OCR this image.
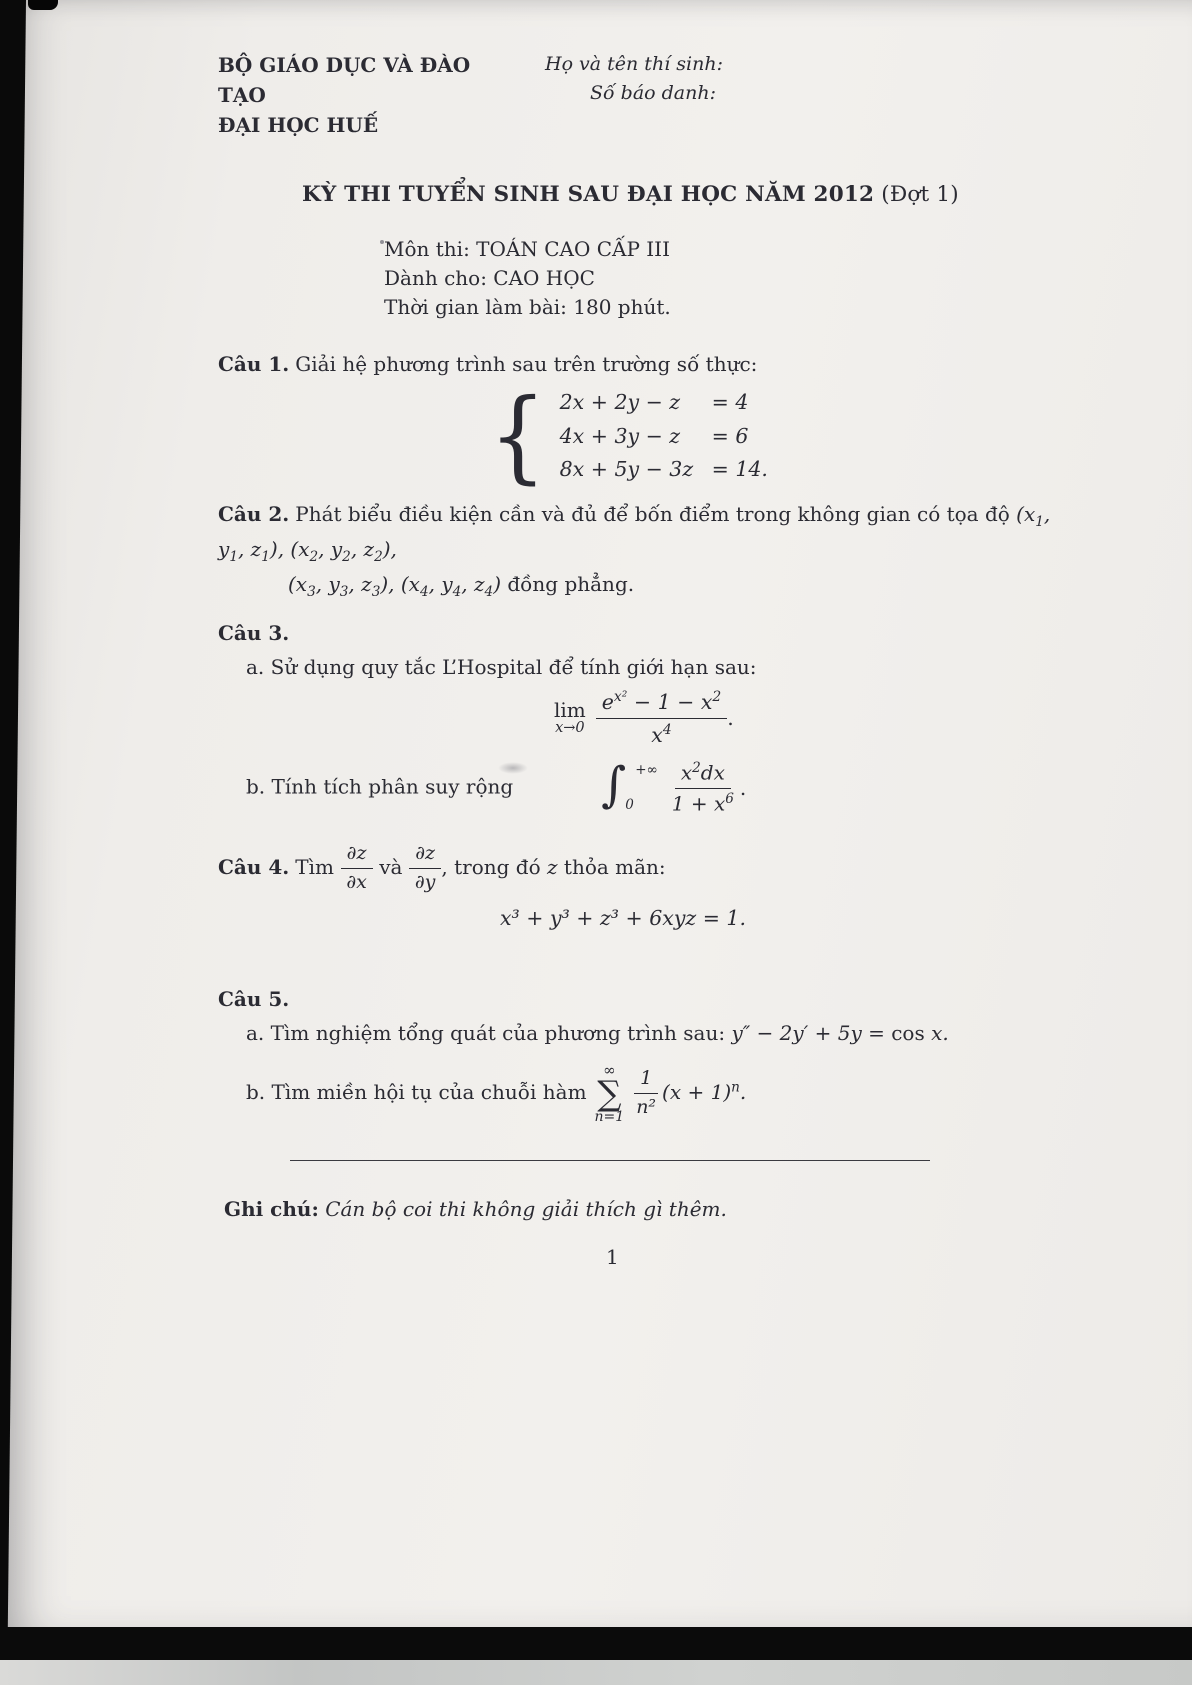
BỘ GIÁO DỤC VÀ ĐÀO TẠO
ĐẠI HỌC HUẾ
Họ và tên thí sinh:
Số báo danh:
KỲ THI TUYỂN SINH SAU ĐẠI HỌC NĂM 2012 (Đợt 1)
Môn thi: TOÁN CAO CẤP III
Dành cho: CAO HỌC
Thời gian làm bài: 180 phút.
Câu 1. Giải hệ phương trình sau trên trường số thực:
{ 2x + 2y − z	= 4
4x + 3y − z	= 6
8x + 5y − 3z = 14.
Câu 2. Phát biểu điều kiện cần và đủ để bốn điểm trong không gian có tọa độ ($x_1$, $y_1$, $z_1$), ($x_2$, $y_2$, $z_2$),
($x_3$, $y_3$, $z_3$), ($x_4$, $y_4$, $z_4$) đồng phẳng.
Câu 3.
a. Sử dụng quy tắc L’Hospital để tính giới hạn sau:
lim
$x\to 0 \frac{e^{x^2} - 1 - x^2}{x^4}$ .
b. Tính tích phân suy rộng ∫ +∞
0	$\frac{x^2dx}{1 + x^6}$ .
Câu 4. Tìm $\frac{\partial z}{\partial x}$ và $\frac{\partial z}{\partial y}$ , trong đó z thỏa mãn:
x³ + y³ + z³ + 6xyz = 1.
Câu 5.
a. Tìm nghiệm tổng quát của phương trình sau: y″ − 2y′ + 5y = cos x.
b. Tìm miền hội tụ của chuỗi hàm
∞
∑
$n=1 \frac{1}{\text{n²}} (x + 1)^n$.
Ghi chú: Cán bộ coi thi không giải thích gì thêm.
1
